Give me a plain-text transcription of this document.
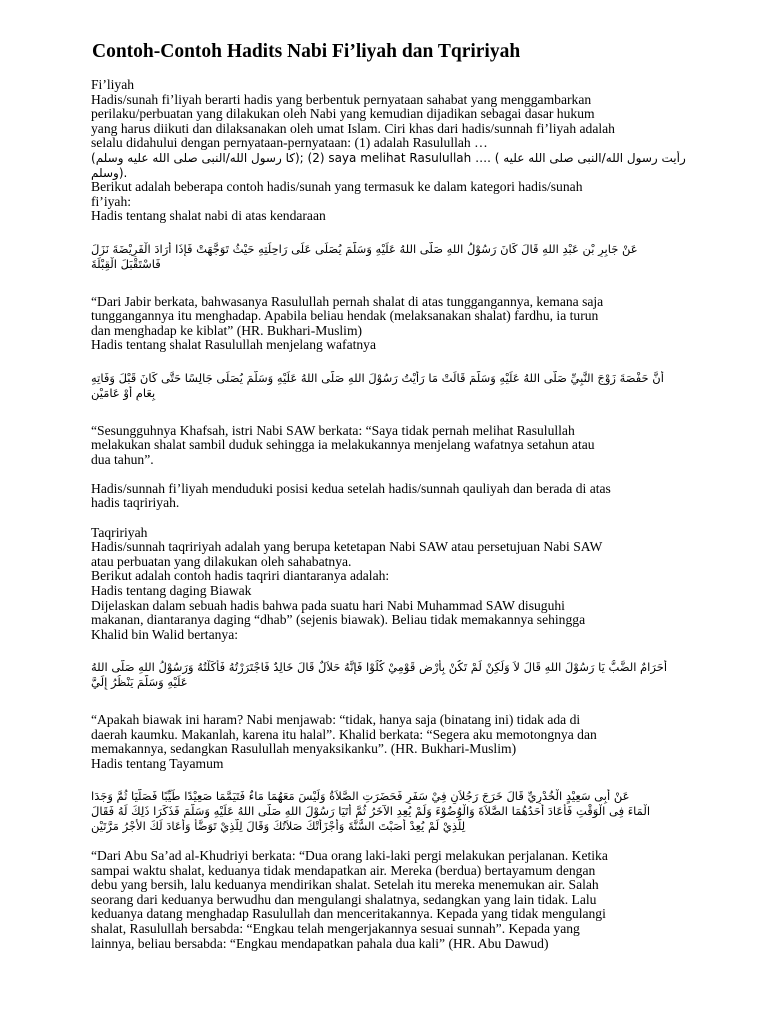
Contoh-Contoh Hadits Nabi Fi’liyah dan Tqririyah
Fi’liyah
Hadis/sunah fi’liyah berarti hadis yang berbentuk pernyataan sahabat yang menggambarkan
perilaku/perbuatan yang dilakukan oleh Nabi yang kemudian dijadikan sebagai dasar hukum
yang harus diikuti dan dilaksanakan oleh umat Islam. Ciri khas dari hadis/sunnah fi’liyah adalah
selalu didahului dengan pernyataan-pernyataan: (1) adalah Rasulullah …
(كا رسول الله/النبى صلى الله عليه وسلم); (2) saya melihat Rasulullah …. ( رأيت رسول الله/النبى صلى الله عليه
وسلم).
Berikut adalah beberapa contoh hadis/sunah yang termasuk ke dalam kategori hadis/sunah
fi’iyah:
Hadis tentang shalat nabi di atas kendaraan
عَنْ جَابِرِ بْنِ عَبْدِ اللهِ قَالَ كَانَ رَسُوْلُ اللهِ صَلَّى اللهُ عَلَيْهِ وَسَلَّمَ يُصَلِّى عَلَى رَاحِلَتِهِ حَيْثُ تَوَجَّهَتْ فَإِذَا أَرَادَ الْفَرِيْضَةَ نَزَلَ
فَاسْتَقْبَلَ الْقِبْلَةَ
“Dari Jabir berkata, bahwasanya Rasulullah pernah shalat di atas tunggangannya, kemana saja
tunggangannya itu menghadap. Apabila beliau hendak (melaksanakan shalat) fardhu, ia turun
dan menghadap ke kiblat” (HR. Bukhari-Muslim)
Hadis tentang shalat Rasulullah menjelang wafatnya
أَنَّ حَفْصَةَ زَوْجَ النَّبِيِّ صَلَّى اللهُ عَلَيْهِ وَسَلَّمَ قَالَتْ مَا رَأَيْتُ رَسُوْلَ اللهِ صَلَّى اللهُ عَلَيْهِ وَسَلَّمَ يُصَلِّى جَالِسًا حَتَّى كَانَ قَبْلَ وَفَاتِهِ
بِعَامٍ أَوْ عَامَيْنِ
“Sesungguhnya Khafsah, istri Nabi SAW berkata: “Saya tidak pernah melihat Rasulullah
melakukan shalat sambil duduk sehingga ia melakukannya menjelang wafatnya setahun atau
dua tahun”.
Hadis/sunnah fi’liyah menduduki posisi kedua setelah hadis/sunnah qauliyah dan berada di atas
hadis taqririyah.
Taqririyah
Hadis/sunnah taqririyah adalah yang berupa ketetapan Nabi SAW atau persetujuan Nabi SAW
atau perbuatan yang dilakukan oleh sahabatnya.
Berikut adalah contoh hadis taqriri diantaranya adalah:
Hadis tentang daging Biawak
Dijelaskan dalam sebuah hadis bahwa pada suatu hari Nabi Muhammad SAW disuguhi
makanan, diantaranya daging “dhab” (sejenis biawak). Beliau tidak memakannya sehingga
Khalid bin Walid bertanya:
أَحَرَامٌ الضَّبُّ يَا رَسُوْلَ اللهِ قَالَ لاَ وَلَكِنْ لَمْ تَكُنْ بِأَرْضِ قَوْمِيْ كُلُوْا فَإِنَّهُ حَلاَلٌ قَالَ خَالِدٌ فَاجْتَرَرْتُهُ فَأَكَلْتُهُ وَرَسُوْلُ اللهِ صَلَّى اللهُ
عَلَيْهِ وَسَلَّمَ يَنْظُرُ إِلَيَّ
“Apakah biawak ini haram? Nabi menjawab: “tidak, hanya saja (binatang ini) tidak ada di
daerah kaumku. Makanlah, karena itu halal”. Khalid berkata: “Segera aku memotongnya dan
memakannya, sedangkan Rasulullah menyaksikanku”. (HR. Bukhari-Muslim)
Hadis tentang Tayamum
عَنْ أَبِى سَعِيْدٍ الْخُدْرِيِّ قَالَ خَرَجَ رَجُلاَنِ فِيْ سَفَرٍ فَحَضَرَتِ الصَّلاَةُ وَلَيْسَ مَعَهُمَا مَاءٌ فَتَيَمَّمَا صَعِيْدًا طَيِّبًا فَصَلَّيَا ثُمَّ وَجَدَا
الْمَاءَ فِى الْوَقْتِ فَأَعَادَ أَحَدُهُمَا الصَّلاَةَ وَالْوُضُوْءَ وَلَمْ يُعِدِ الآخَرُ ثُمَّ أَتَيَا رَسُوْلَ اللهِ صَلَّى اللهُ عَلَيْهِ وَسَلَّمَ فَذَكَرَا ذَلِكَ لَهُ فَقَالَ
لِلَّذِيْ لَمْ يُعِدْ أَصَبْتَ السُّنَّةَ وَأَجْزَأَتْكَ صَلاَتُكَ وَقَالَ لِلَّذِيْ تَوَضَّأَ وَأَعَادَ لَكَ الأَجْرُ مَرَّتَيْنِ
“Dari Abu Sa’ad al-Khudriyi berkata: “Dua orang laki-laki pergi melakukan perjalanan. Ketika
sampai waktu shalat, keduanya tidak mendapatkan air. Mereka (berdua) bertayamum dengan
debu yang bersih, lalu keduanya mendirikan shalat. Setelah itu mereka menemukan air. Salah
seorang dari keduanya berwudhu dan mengulangi shalatnya, sedangkan yang lain tidak. Lalu
keduanya datang menghadap Rasulullah dan menceritakannya. Kepada yang tidak mengulangi
shalat, Rasulullah bersabda: “Engkau telah mengerjakannya sesuai sunnah”. Kepada yang
lainnya, beliau bersabda: “Engkau mendapatkan pahala dua kali” (HR. Abu Dawud)
